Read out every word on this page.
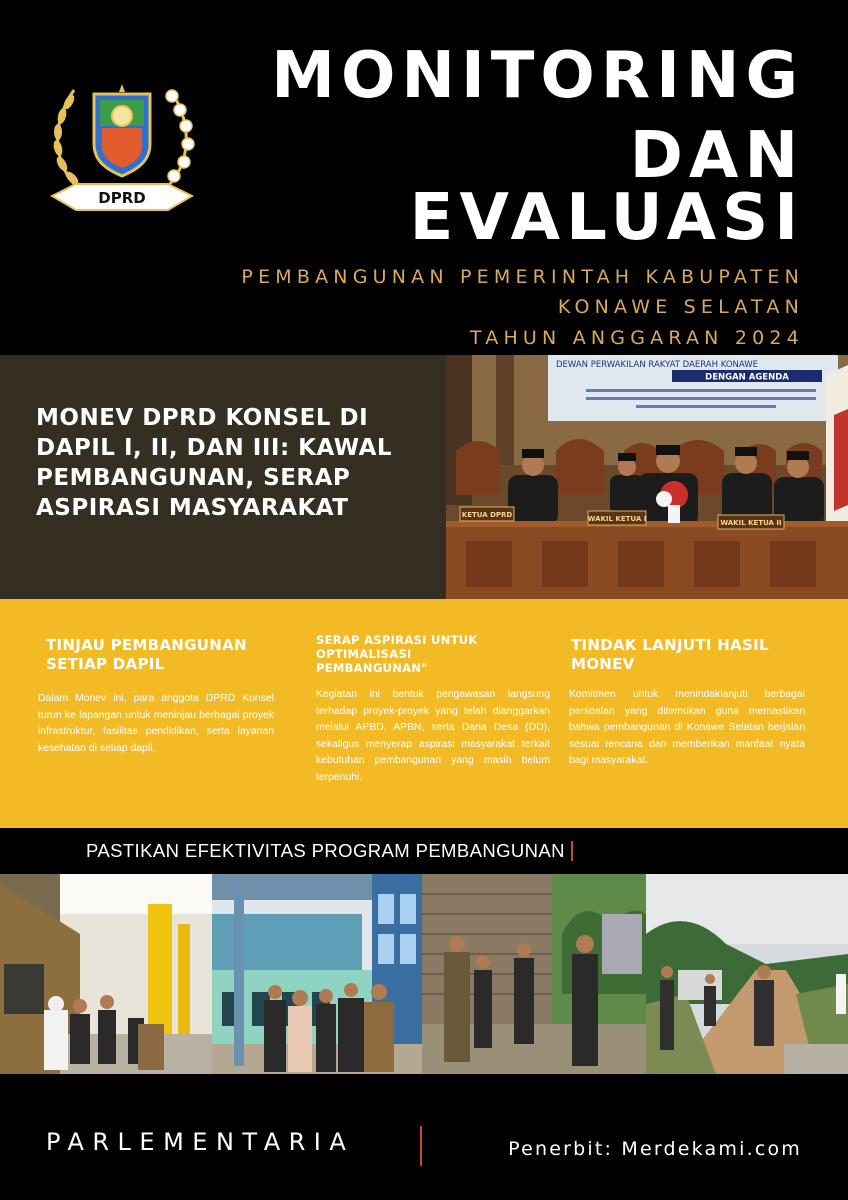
DPRD
MONITORING
DAN
EVALUASI
PEMBANGUNAN PEMERINTAH KABUPATEN
KONAWE SELATAN
TAHUN ANGGARAN 2024
MONEV DPRD KONSEL DI DAPIL I, II, DAN III: KAWAL PEMBANGUNAN, SERAP ASPIRASI MASYARAKAT
DEWAN PERWAKILAN RAKYAT DAERAH KONAWE
DENGAN AGENDA
KETUA DPRD	WAKIL KETUA I	WAKIL KETUA II
TINJAU PEMBANGUNAN SETIAP DAPIL

Dalam Monev ini, para anggota DPRD Konsel turun ke lapangan untuk meninjau berbagai proyek infrastruktur, fasilitas pendidikan, serta layanan kesehatan di setiap dapil.

SERAP ASPIRASI UNTUK OPTIMALISASI PEMBANGUNAN"

Kegiatan ini bentuk pengawasan langsung terhadap proyek-proyek yang telah dianggarkan melalui APBD, APBN, serta Dana Desa (DD), sekaligus menyerap aspirasi masyarakat terkait kebutuhan pembangunan yang masih belum terpenuhi.

TINDAK LANJUTI HASIL MONEV

Komitmen untuk menindaklanjuti berbagai persoalan yang ditemukan guna memastikan bahwa pembangunan di Konawe Selatan berjalan sesuai rencana dan memberikan manfaat nyata bagi masyarakat.

PASTIKAN EFEKTIVITAS PROGRAM PEMBANGUNAN
PARLEMENTARIA	Penerbit: Merdekami.com
